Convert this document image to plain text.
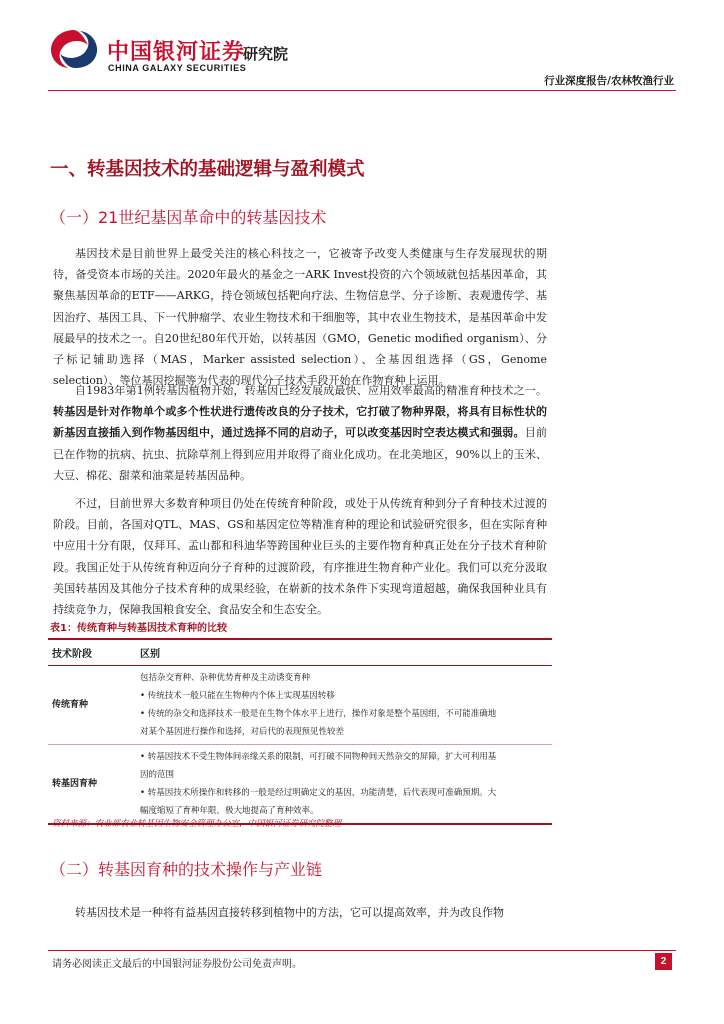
中国银河证券
研究院
CHINA GALAXY SECURITIES
行业深度报告/农林牧渔行业
一、转基因技术的基础逻辑与盈利模式
（一）21世纪基因革命中的转基因技术
基因技术是目前世界上最受关注的核心科技之一，它被寄予改变人类健康与生存发展现状的期待，备受资本市场的关注。2020年最火的基金之一ARK Invest投资的六个领域就包括基因革命，其聚焦基因革命的ETF——ARKG，持仓领域包括靶向疗法、生物信息学、分子诊断、表观遗传学、基因治疗、基因工具、下一代肿瘤学、农业生物技术和干细胞等，其中农业生物技术，是基因革命中发展最早的技术之一。自20世纪80年代开始，以转基因（GMO，Genetic modified organism）、分子标记辅助选择（MAS，Marker assisted selection）、全基因组选择（GS，Genome selection）、等位基因挖掘等为代表的现代分子技术手段开始在作物育种上运用。
自1983年第1例转基因植物开始，转基因已经发展成最快、应用效率最高的精准育种技术之一。转基因是针对作物单个或多个性状进行遗传改良的分子技术，它打破了物种界限，将具有目标性状的新基因直接插入到作物基因组中，通过选择不同的启动子，可以改变基因时空表达模式和强弱。目前已在作物的抗病、抗虫、抗除草剂上得到应用并取得了商业化成功。在北美地区，90%以上的玉米、大豆、棉花、甜菜和油菜是转基因品种。
不过，目前世界大多数育种项目仍处在传统育种阶段，或处于从传统育种到分子育种技术过渡的阶段。目前，各国对QTL、MAS、GS和基因定位等精准育种的理论和试验研究很多，但在实际育种中应用十分有限，仅拜耳、孟山都和科迪华等跨国种业巨头的主要作物育种真正处在分子技术育种阶段。我国正处于从传统育种迈向分子育种的过渡阶段，有序推进生物育种产业化。我们可以充分汲取美国转基因及其他分子技术育种的成果经验，在崭新的技术条件下实现弯道超越，确保我国种业具有持续竞争力，保障我国粮食安全、食品安全和生态安全。
表1：传统育种与转基因技术育种的比较
技术阶段	区别
传统育种	包括杂交育种、杂种优势育种及主动诱变育种
• 传统技术一般只能在生物种内个体上实现基因转移
• 传统的杂交和选择技术一般是在生物个体水平上进行，操作对象是整个基因组，不可能准确地
对某个基因进行操作和选择，对后代的表现预见性较差

转基因育种	• 转基因技术不受生物体间亲缘关系的限制，可打破不同物种间天然杂交的屏障，扩大可利用基
因的范围
• 转基因技术所操作和转移的一般是经过明确定义的基因，功能清楚，后代表现可准确预期。大
幅度缩短了育种年限，极大地提高了育种效率。
资料来源：农业部农业转基因生物安全管理办公室，中国银河证券研究院整理
（二）转基因育种的技术操作与产业链
转基因技术是一种将有益基因直接转移到植物中的方法，它可以提高效率，并为改良作物
请务必阅读正文最后的中国银河证券股份公司免责声明。	2
